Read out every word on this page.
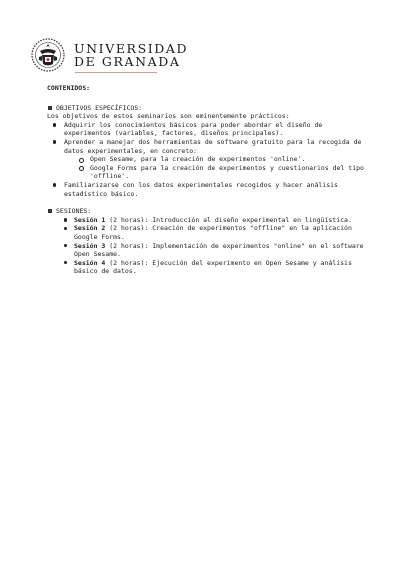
UNIVERSIDAD
DE GRANADA
CONTENIDOS:
OBJETIVOS ESPECÍFICOS:
Los objetivos de estos seminarios son eminentemente prácticos:
Adquirir los conocimientos básicos para poder abordar el diseño de experimentos (variables, factores, diseños principales).
Aprender a manejar dos herramientas de software gratuito para la recogida de datos experimentales, en concreto:
Open Sesame, para la creación de experimentos 'online'.
Google Forms para la creación de experimentos y cuestionarios del tipo 'offline'.
Familiarizarse con los datos experimentales recogidos y hacer análisis estadístico básico.
SESIONES:
Sesión 1 (2 horas): Introducción al diseño experimental en lingüística.
Sesión 2 (2 horas): Creación de experimentos "offline" en la aplicación Google Forms.
Sesión 3 (2 horas): Implementación de experimentos "online" en el software Open Sesame.
Sesión 4 (2 horas): Ejecución del experimento en Open Sesame y análisis básico de datos.
